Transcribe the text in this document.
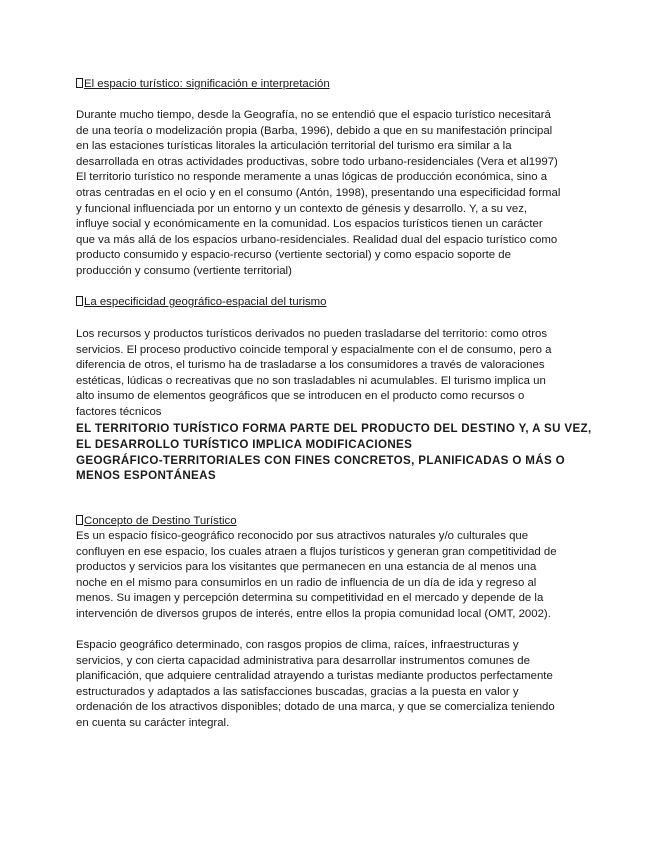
El espacio turístico: significación e interpretación
Durante mucho tiempo, desde la Geografía, no se entendió que el espacio turístico necesitará
de una teoría o modelización propia (Barba, 1996), debido a que en su manifestación principal
en las estaciones turísticas litorales la articulación territorial del turismo era similar a la
desarrollada en otras actividades productivas, sobre todo urbano-residenciales (Vera et al1997)
El territorio turístico no responde meramente a unas lógicas de producción económica, sino a
otras centradas en el ocio y en el consumo (Antón, 1998), presentando una especificidad formal
y funcional influenciada por un entorno y un contexto de génesis y desarrollo. Y, a su vez,
influye social y económicamente en la comunidad. Los espacios turísticos tienen un carácter
que va más allá de los espacios urbano-residenciales. Realidad dual del espacio turístico como
producto consumido y espacio-recurso (vertiente sectorial) y como espacio soporte de
producción y consumo (vertiente territorial)
La especificidad geográfico-espacial del turismo
Los recursos y productos turísticos derivados no pueden trasladarse del territorio: como otros
servicios. El proceso productivo coincide temporal y espacialmente con el de consumo, pero a
diferencia de otros, el turismo ha de trasladarse a los consumidores a través de valoraciones
estéticas, lúdicas o recreativas que no son trasladables ni acumulables. El turismo implica un
alto insumo de elementos geográficos que se introducen en el producto como recursos o
factores técnicos
EL TERRITORIO TURÍSTICO FORMA PARTE DEL PRODUCTO DEL DESTINO Y, A SU VEZ,
EL DESARROLLO TURÍSTICO IMPLICA MODIFICACIONES
GEOGRÁFICO-TERRITORIALES CON FINES CONCRETOS, PLANIFICADAS O MÁS O
MENOS ESPONTÁNEAS
Concepto de Destino Turístico
Es un espacio físico-geográfico reconocido por sus atractivos naturales y/o culturales que
confluyen en ese espacio, los cuales atraen a flujos turísticos y generan gran competitividad de
productos y servicios para los visitantes que permanecen en una estancia de al menos una
noche en el mismo para consumirlos en un radio de influencia de un día de ida y regreso al
menos. Su imagen y percepción determina su competitividad en el mercado y depende de la
intervención de diversos grupos de interés, entre ellos la propia comunidad local (OMT, 2002).
Espacio geográfico determinado, con rasgos propios de clima, raíces, infraestructuras y
servicios, y con cierta capacidad administrativa para desarrollar instrumentos comunes de
planificación, que adquiere centralidad atrayendo a turistas mediante productos perfectamente
estructurados y adaptados a las satisfacciones buscadas, gracias a la puesta en valor y
ordenación de los atractivos disponibles; dotado de una marca, y que se comercializa teniendo
en cuenta su carácter integral.
